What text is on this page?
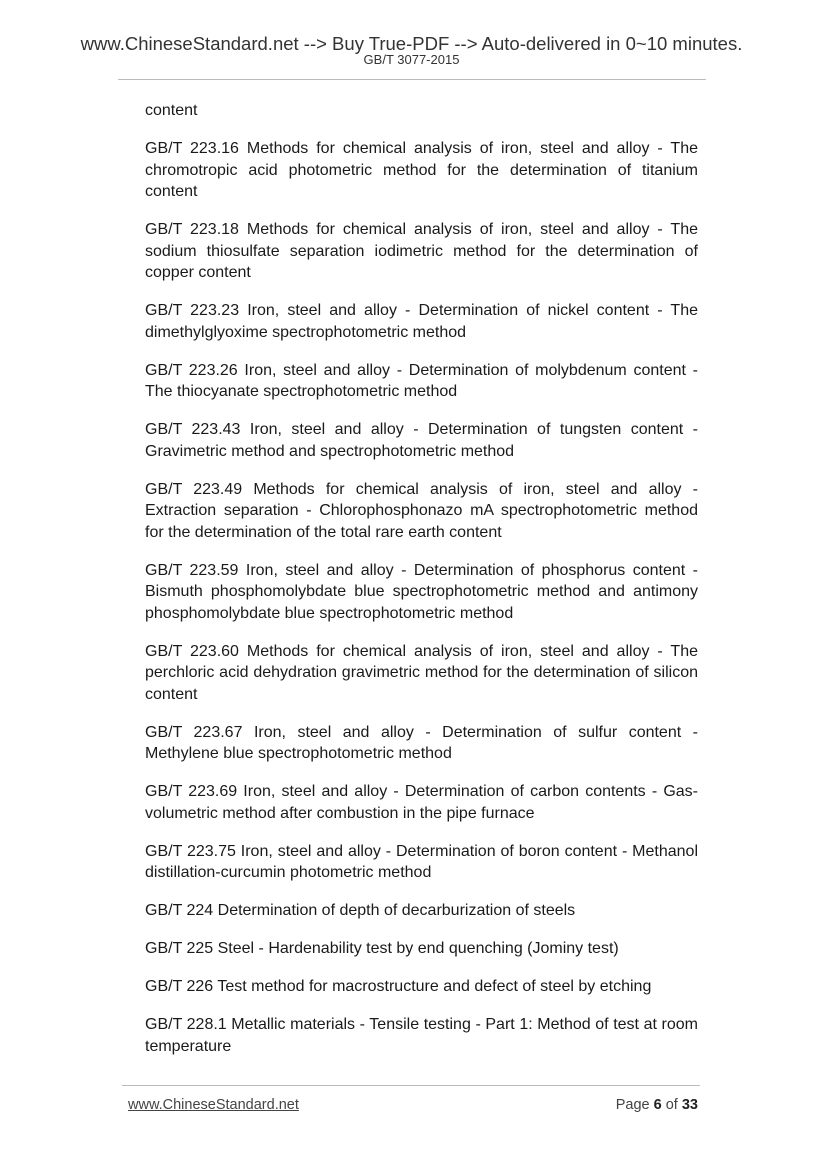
www.ChineseStandard.net --> Buy True-PDF --> Auto-delivered in 0~10 minutes.
GB/T 3077-2015

content

GB/T 223.16 Methods for chemical analysis of iron, steel and alloy - The chromotropic acid photometric method for the determination of titanium content

GB/T 223.18 Methods for chemical analysis of iron, steel and alloy - The sodium thiosulfate separation iodimetric method for the determination of copper content

GB/T 223.23 Iron, steel and alloy - Determination of nickel content - The dimethylglyoxime spectrophotometric method

GB/T 223.26 Iron, steel and alloy - Determination of molybdenum content - The thiocyanate spectrophotometric method

GB/T 223.43 Iron, steel and alloy - Determination of tungsten content - Gravimetric method and spectrophotometric method

GB/T 223.49 Methods for chemical analysis of iron, steel and alloy - Extraction separation - Chlorophosphonazo mA spectrophotometric method for the determination of the total rare earth content

GB/T 223.59 Iron, steel and alloy - Determination of phosphorus content - Bismuth phosphomolybdate blue spectrophotometric method and antimony phosphomolybdate blue spectrophotometric method

GB/T 223.60 Methods for chemical analysis of iron, steel and alloy - The perchloric acid dehydration gravimetric method for the determination of silicon content

GB/T 223.67 Iron, steel and alloy - Determination of sulfur content - Methylene blue spectrophotometric method

GB/T 223.69 Iron, steel and alloy - Determination of carbon contents - Gas-volumetric method after combustion in the pipe furnace

GB/T 223.75 Iron, steel and alloy - Determination of boron content - Methanol distillation-curcumin photometric method

GB/T 224 Determination of depth of decarburization of steels

GB/T 225 Steel - Hardenability test by end quenching (Jominy test)

GB/T 226 Test method for macrostructure and defect of steel by etching

GB/T 228.1 Metallic materials - Tensile testing - Part 1: Method of test at room temperature

www.ChineseStandard.net	Page 6 of 33
